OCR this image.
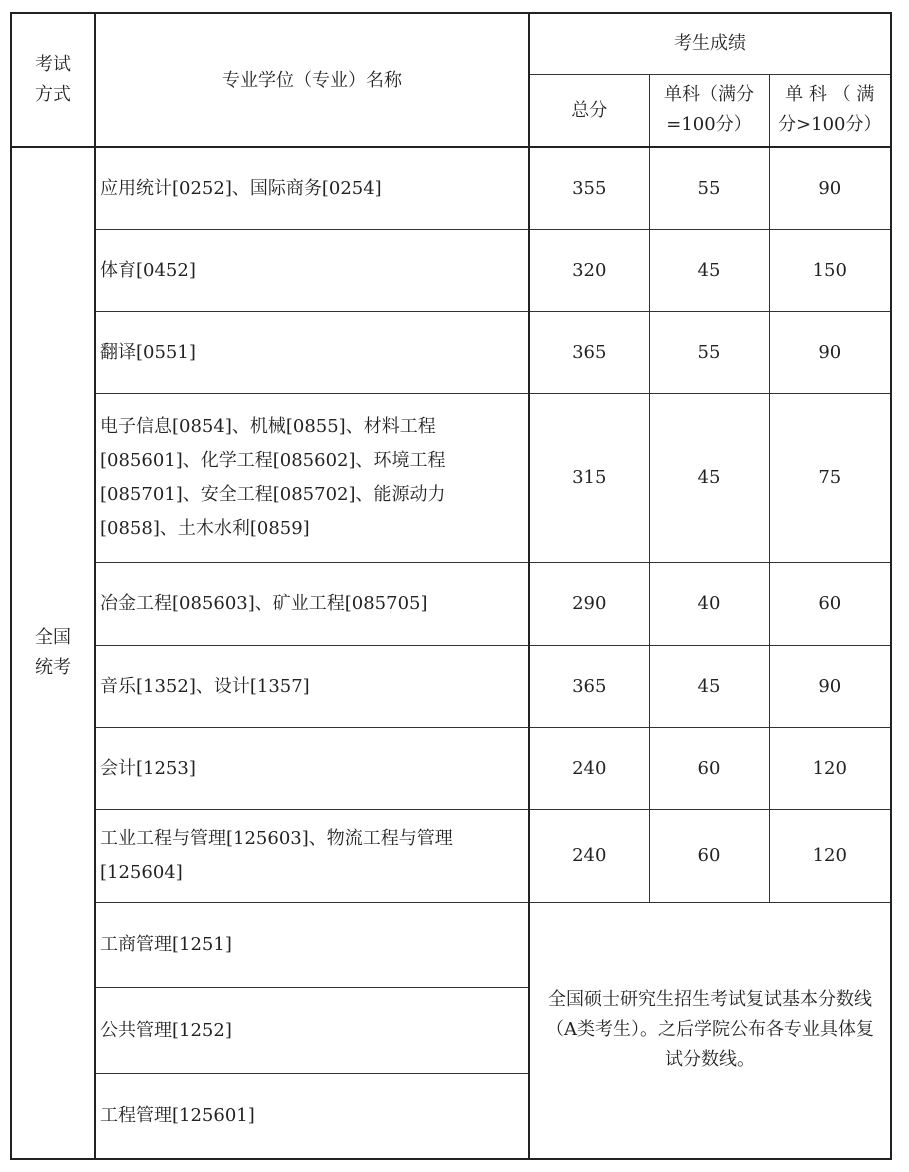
考试方式	专业学位（专业）名称	考生成绩		
		总分	单科（满分=100分）	单 科 （ 满分>100分）
全国统考	应用统计[0252]、国际商务[0254]	355	55	90
	体育[0452]	320	45	150
	翻译[0551]	365	55	90
	电子信息[0854]、机械[0855]、材料工程[085601]、化学工程[085602]、环境工程[085701]、安全工程[085702]、能源动力[0858]、土木水利[0859]	315	45	75
	冶金工程[085603]、矿业工程[085705]	290	40	60
	音乐[1352]、设计[1357]	365	45	90
	会计[1253]	240	60	120
	工业工程与管理[125603]、物流工程与管理[125604]	240	60	120
	工商管理[1251]	全国硕士研究生招生考试复试基本分数线（A类考生）。之后学院公布各专业具体复试分数线。		
	公共管理[1252]			
	工程管理[125601]			
